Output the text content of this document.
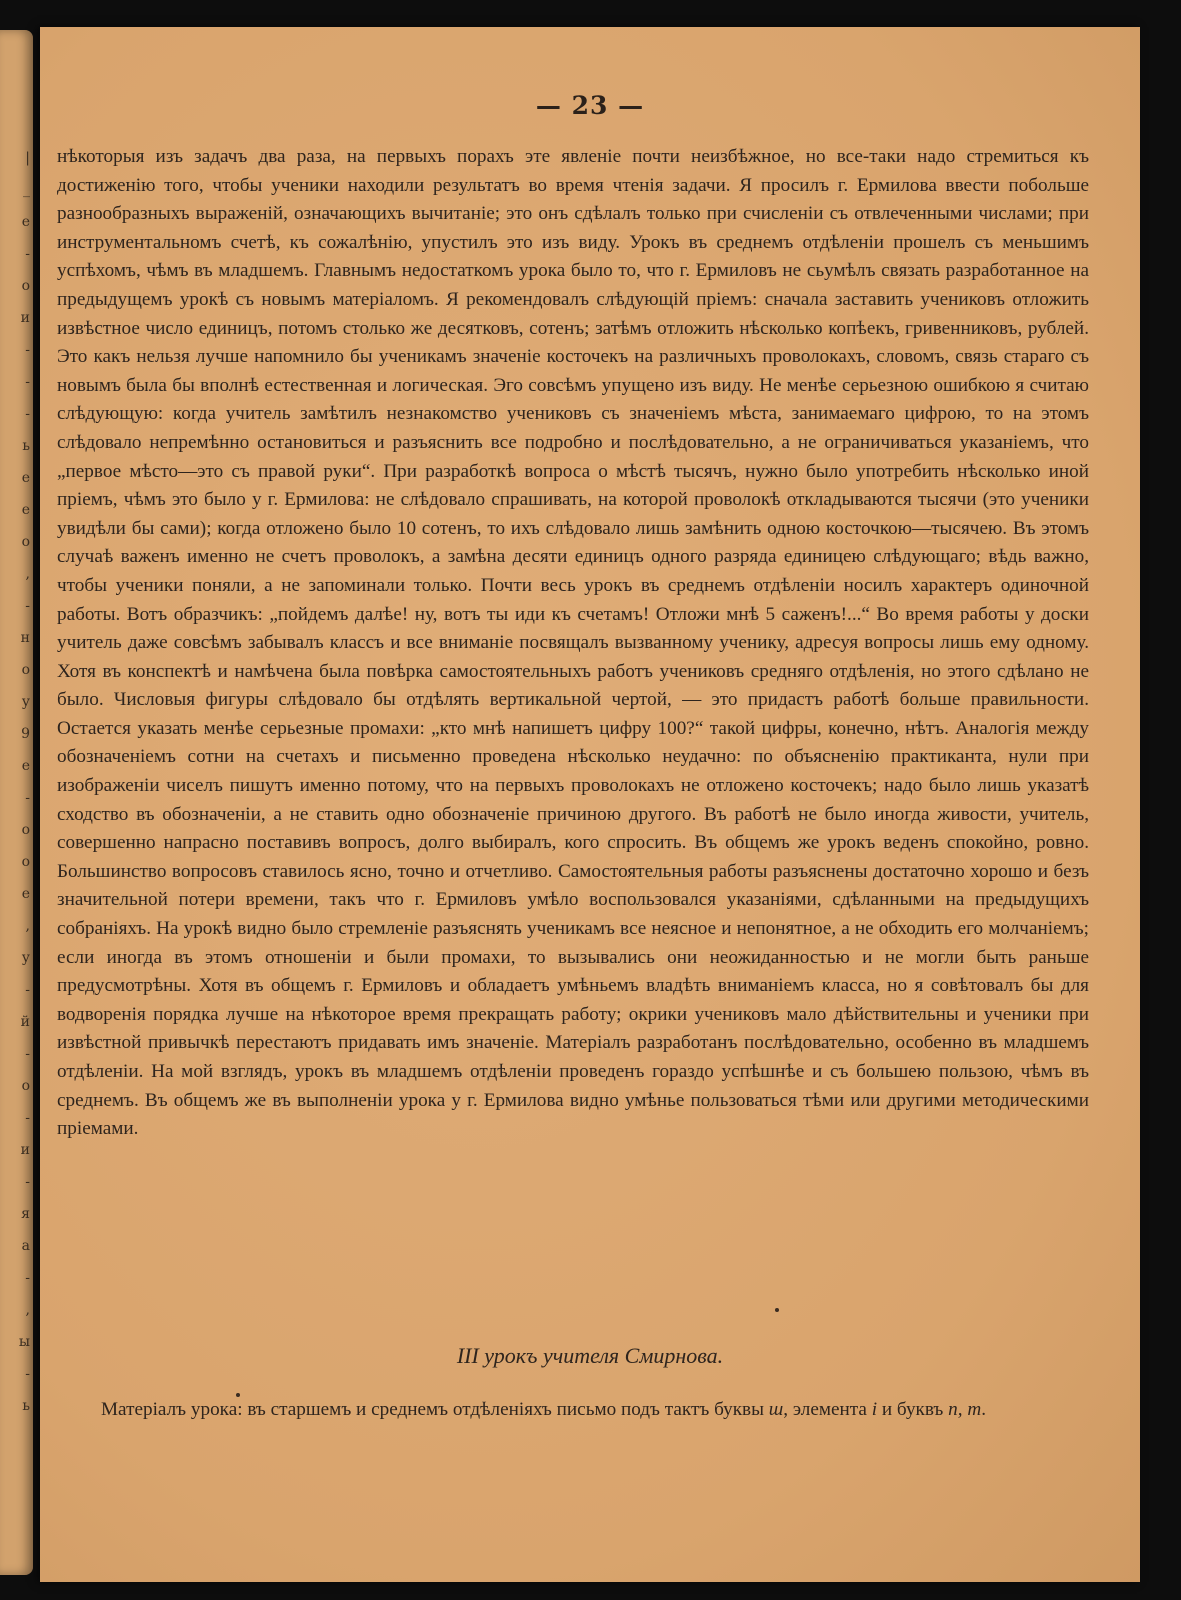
|
_
е
-
о
и
-
-
-
ь
е
е
о
,
-
н
о
у
9
е
-
о
о
е
,
у
-
й
-
о
-
и
-
я
а
-
,
ы
-
ь
— 23 —

нѣкоторыя изъ задачъ два раза, на первыхъ порахъ эте явленіе почти неизбѣжное, но все-таки надо стремиться къ достиженію того, чтобы ученики находили результатъ во время чтенія задачи. Я просилъ г. Ермилова ввести побольше разнообразныхъ выраженій, означающихъ вычитаніе; это онъ сдѣлалъ только при счисленіи съ отвлеченными числами; при инструментальномъ счетѣ, къ сожалѣнію, упустилъ это изъ виду. Урокъ въ среднемъ отдѣленіи прошелъ съ меньшимъ успѣхомъ, чѣмъ въ младшемъ. Главнымъ недостаткомъ урока было то, что г. Ермиловъ не сьумѣлъ связать разработанное на предыдущемъ урокѣ съ новымъ матеріаломъ. Я рекомендовалъ слѣдующій пріемъ: сначала заставить учениковъ отложить извѣстное число единицъ, потомъ столько же десятковъ, сотенъ; затѣмъ отложить нѣсколько копѣекъ, гривенниковъ, рублей. Это какъ нельзя лучше напомнило бы ученикамъ значеніе косточекъ на различныхъ проволокахъ, словомъ, связь стараго съ новымъ была бы вполнѣ естественная и логическая. Эго совсѣмъ упущено изъ виду. Не менѣе серьезною ошибкою я считаю слѣдующую: когда учитель замѣтилъ незнакомство учениковъ съ значеніемъ мѣста, занимаемаго цифрою, то на этомъ слѣдовало непремѣнно остановиться и разъяснить все подробно и послѣдовательно, а не ограничиваться указаніемъ, что „первое мѣсто—это съ правой руки“. При разработкѣ вопроса о мѣстѣ тысячъ, нужно было употребить нѣсколько иной пріемъ, чѣмъ это было у г. Ермилова: не слѣдовало спрашивать, на которой проволокѣ откладываются тысячи (это ученики увидѣли бы сами); когда отложено было 10 сотенъ, то ихъ слѣдовало лишь замѣнить одною косточкою—тысячею. Въ этомъ случаѣ важенъ именно не счетъ проволокъ, а замѣна десяти единицъ одного разряда единицею слѣдующаго; вѣдь важно, чтобы ученики поняли, а не запоминали только. Почти весь урокъ въ среднемъ отдѣленіи носилъ характеръ одиночной работы. Вотъ образчикъ: „пойдемъ далѣе! ну, вотъ ты иди къ счетамъ! Отложи мнѣ 5 саженъ!...“ Во время работы у доски учитель даже совсѣмъ забывалъ классъ и все вниманіе посвящалъ вызванному ученику, адресуя вопросы лишь ему одному. Хотя въ конспектѣ и намѣчена была повѣрка самостоятельныхъ работъ учениковъ средняго отдѣленія, но этого сдѣлано не было. Числовыя фигуры слѣдовало бы отдѣлять вертикальной чертой, — это придастъ работѣ больше правильности. Остается указать менѣе серьезные промахи: „кто мнѣ напишетъ цифру 100?“ такой цифры, конечно, нѣтъ. Аналогія между обозначеніемъ сотни на счетахъ и письменно проведена нѣсколько неудачно: по объясненію практиканта, нули при изображеніи чиселъ пишутъ именно потому, что на первыхъ проволокахъ не отложено косточекъ; надо было лишь указатѣ сходство въ обозначеніи, а не ставить одно обозначеніе причиною другого. Въ работѣ не было иногда живости, учитель, совершенно напрасно поставивъ вопросъ, долго выбиралъ, кого спросить. Въ общемъ же урокъ веденъ спокойно, ровно. Большинство вопросовъ ставилось ясно, точно и отчетливо. Самостоятельныя работы разъяснены достаточно хорошо и безъ значительной потери времени, такъ что г. Ермиловъ умѣло воспользовался указаніями, сдѣланными на предыдущихъ собраніяхъ. На урокѣ видно было стремленіе разъяснять ученикамъ все неясное и непонятное, а не обходить его молчаніемъ; если иногда въ этомъ отношеніи и были промахи, то вызывались они неожиданностью и не могли быть раньше предусмотрѣны. Хотя въ общемъ г. Ермиловъ и обладаетъ умѣньемъ владѣть вниманіемъ класса, но я совѣтовалъ бы для водворенія порядка лучше на нѣкоторое время прекращать работу; окрики учениковъ мало дѣйствительны и ученики при извѣстной привычкѣ перестаютъ придавать имъ значеніе. Матеріалъ разработанъ послѣдовательно, особенно въ младшемъ отдѣленіи. На мой взглядъ, урокъ въ младшемъ отдѣленіи проведенъ гораздо успѣшнѣе и съ большею пользою, чѣмъ въ среднемъ. Въ общемъ же въ выполненіи урока у г. Ермилова видно умѣнье пользоваться тѣми или другими методическими пріемами.

III урокъ учителя Смирнова.

Матеріалъ урока: въ старшемъ и среднемъ отдѣленіяхъ письмо подъ тактъ буквы ш, элемента і и буквъ п, т.
